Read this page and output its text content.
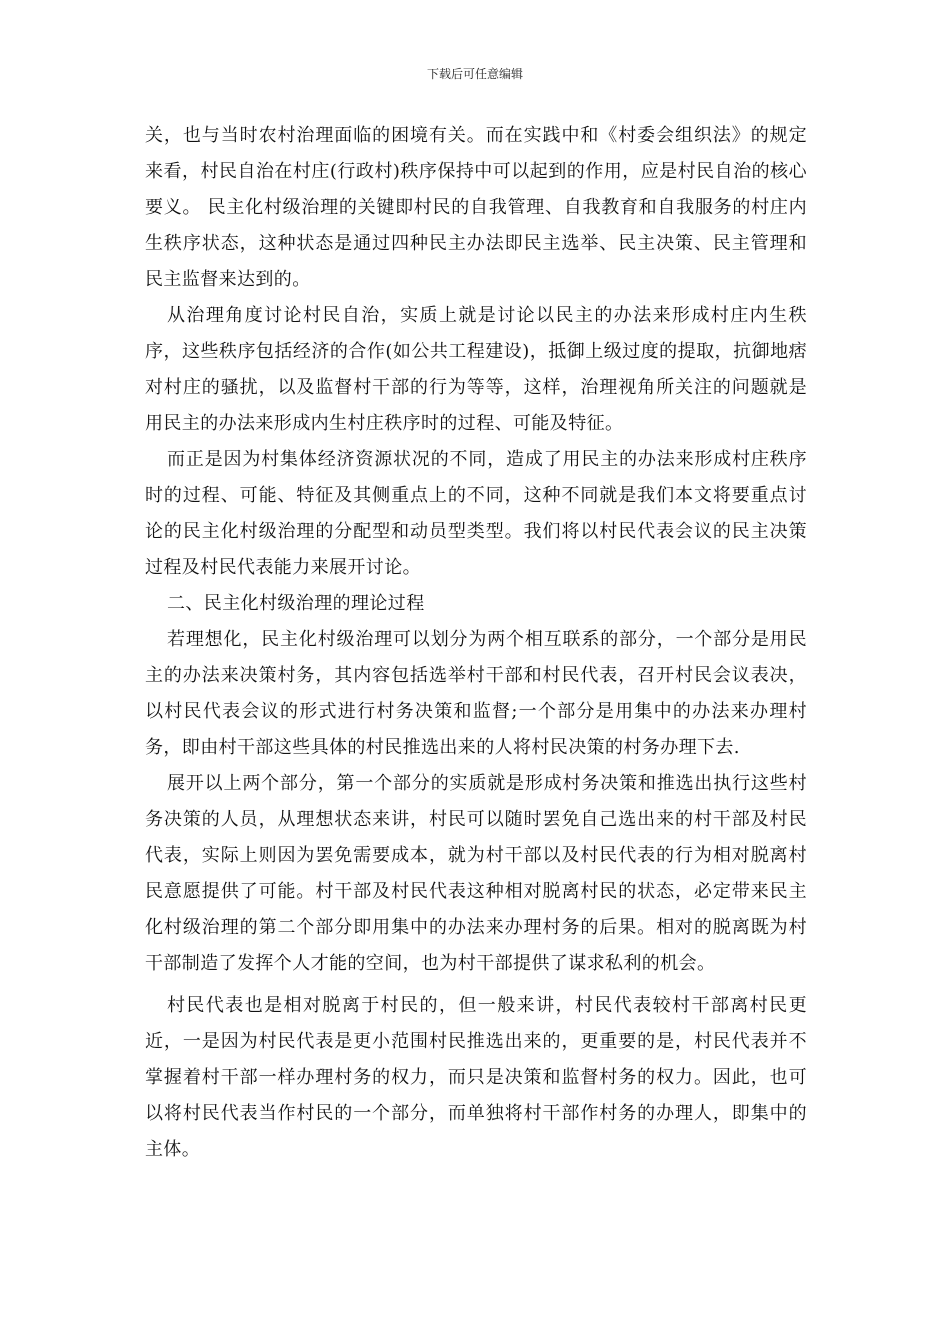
下载后可任意编辑

关，也与当时农村治理面临的困境有关。而在实践中和《村委会组织法》的规定来看，村民自治在村庄(行政村)秩序保持中可以起到的作用，应是村民自治的核心要义。 民主化村级治理的关键即村民的自我管理、自我教育和自我服务的村庄内生秩序状态，这种状态是通过四种民主办法即民主选举、民主决策、民主管理和民主监督来达到的。

从治理角度讨论村民自治，实质上就是讨论以民主的办法来形成村庄内生秩序，这些秩序包括经济的合作(如公共工程建设)，抵御上级过度的提取，抗御地痞对村庄的骚扰，以及监督村干部的行为等等，这样，治理视角所关注的问题就是用民主的办法来形成内生村庄秩序时的过程、可能及特征。

而正是因为村集体经济资源状况的不同，造成了用民主的办法来形成村庄秩序时的过程、可能、特征及其侧重点上的不同，这种不同就是我们本文将要重点讨论的民主化村级治理的分配型和动员型类型。我们将以村民代表会议的民主决策过程及村民代表能力来展开讨论。

二、民主化村级治理的理论过程

若理想化，民主化村级治理可以划分为两个相互联系的部分，一个部分是用民主的办法来决策村务，其内容包括选举村干部和村民代表，召开村民会议表决，以村民代表会议的形式进行村务决策和监督;一个部分是用集中的办法来办理村务，即由村干部这些具体的村民推选出来的人将村民决策的村务办理下去.

展开以上两个部分，第一个部分的实质就是形成村务决策和推选出执行这些村务决策的人员，从理想状态来讲，村民可以随时罢免自己选出来的村干部及村民代表，实际上则因为罢免需要成本，就为村干部以及村民代表的行为相对脱离村民意愿提供了可能。村干部及村民代表这种相对脱离村民的状态，必定带来民主化村级治理的第二个部分即用集中的办法来办理村务的后果。相对的脱离既为村干部制造了发挥个人才能的空间，也为村干部提供了谋求私利的机会。

村民代表也是相对脱离于村民的，但一般来讲，村民代表较村干部离村民更近，一是因为村民代表是更小范围村民推选出来的，更重要的是，村民代表并不掌握着村干部一样办理村务的权力，而只是决策和监督村务的权力。因此，也可以将村民代表当作村民的一个部分，而单独将村干部作村务的办理人，即集中的主体。
